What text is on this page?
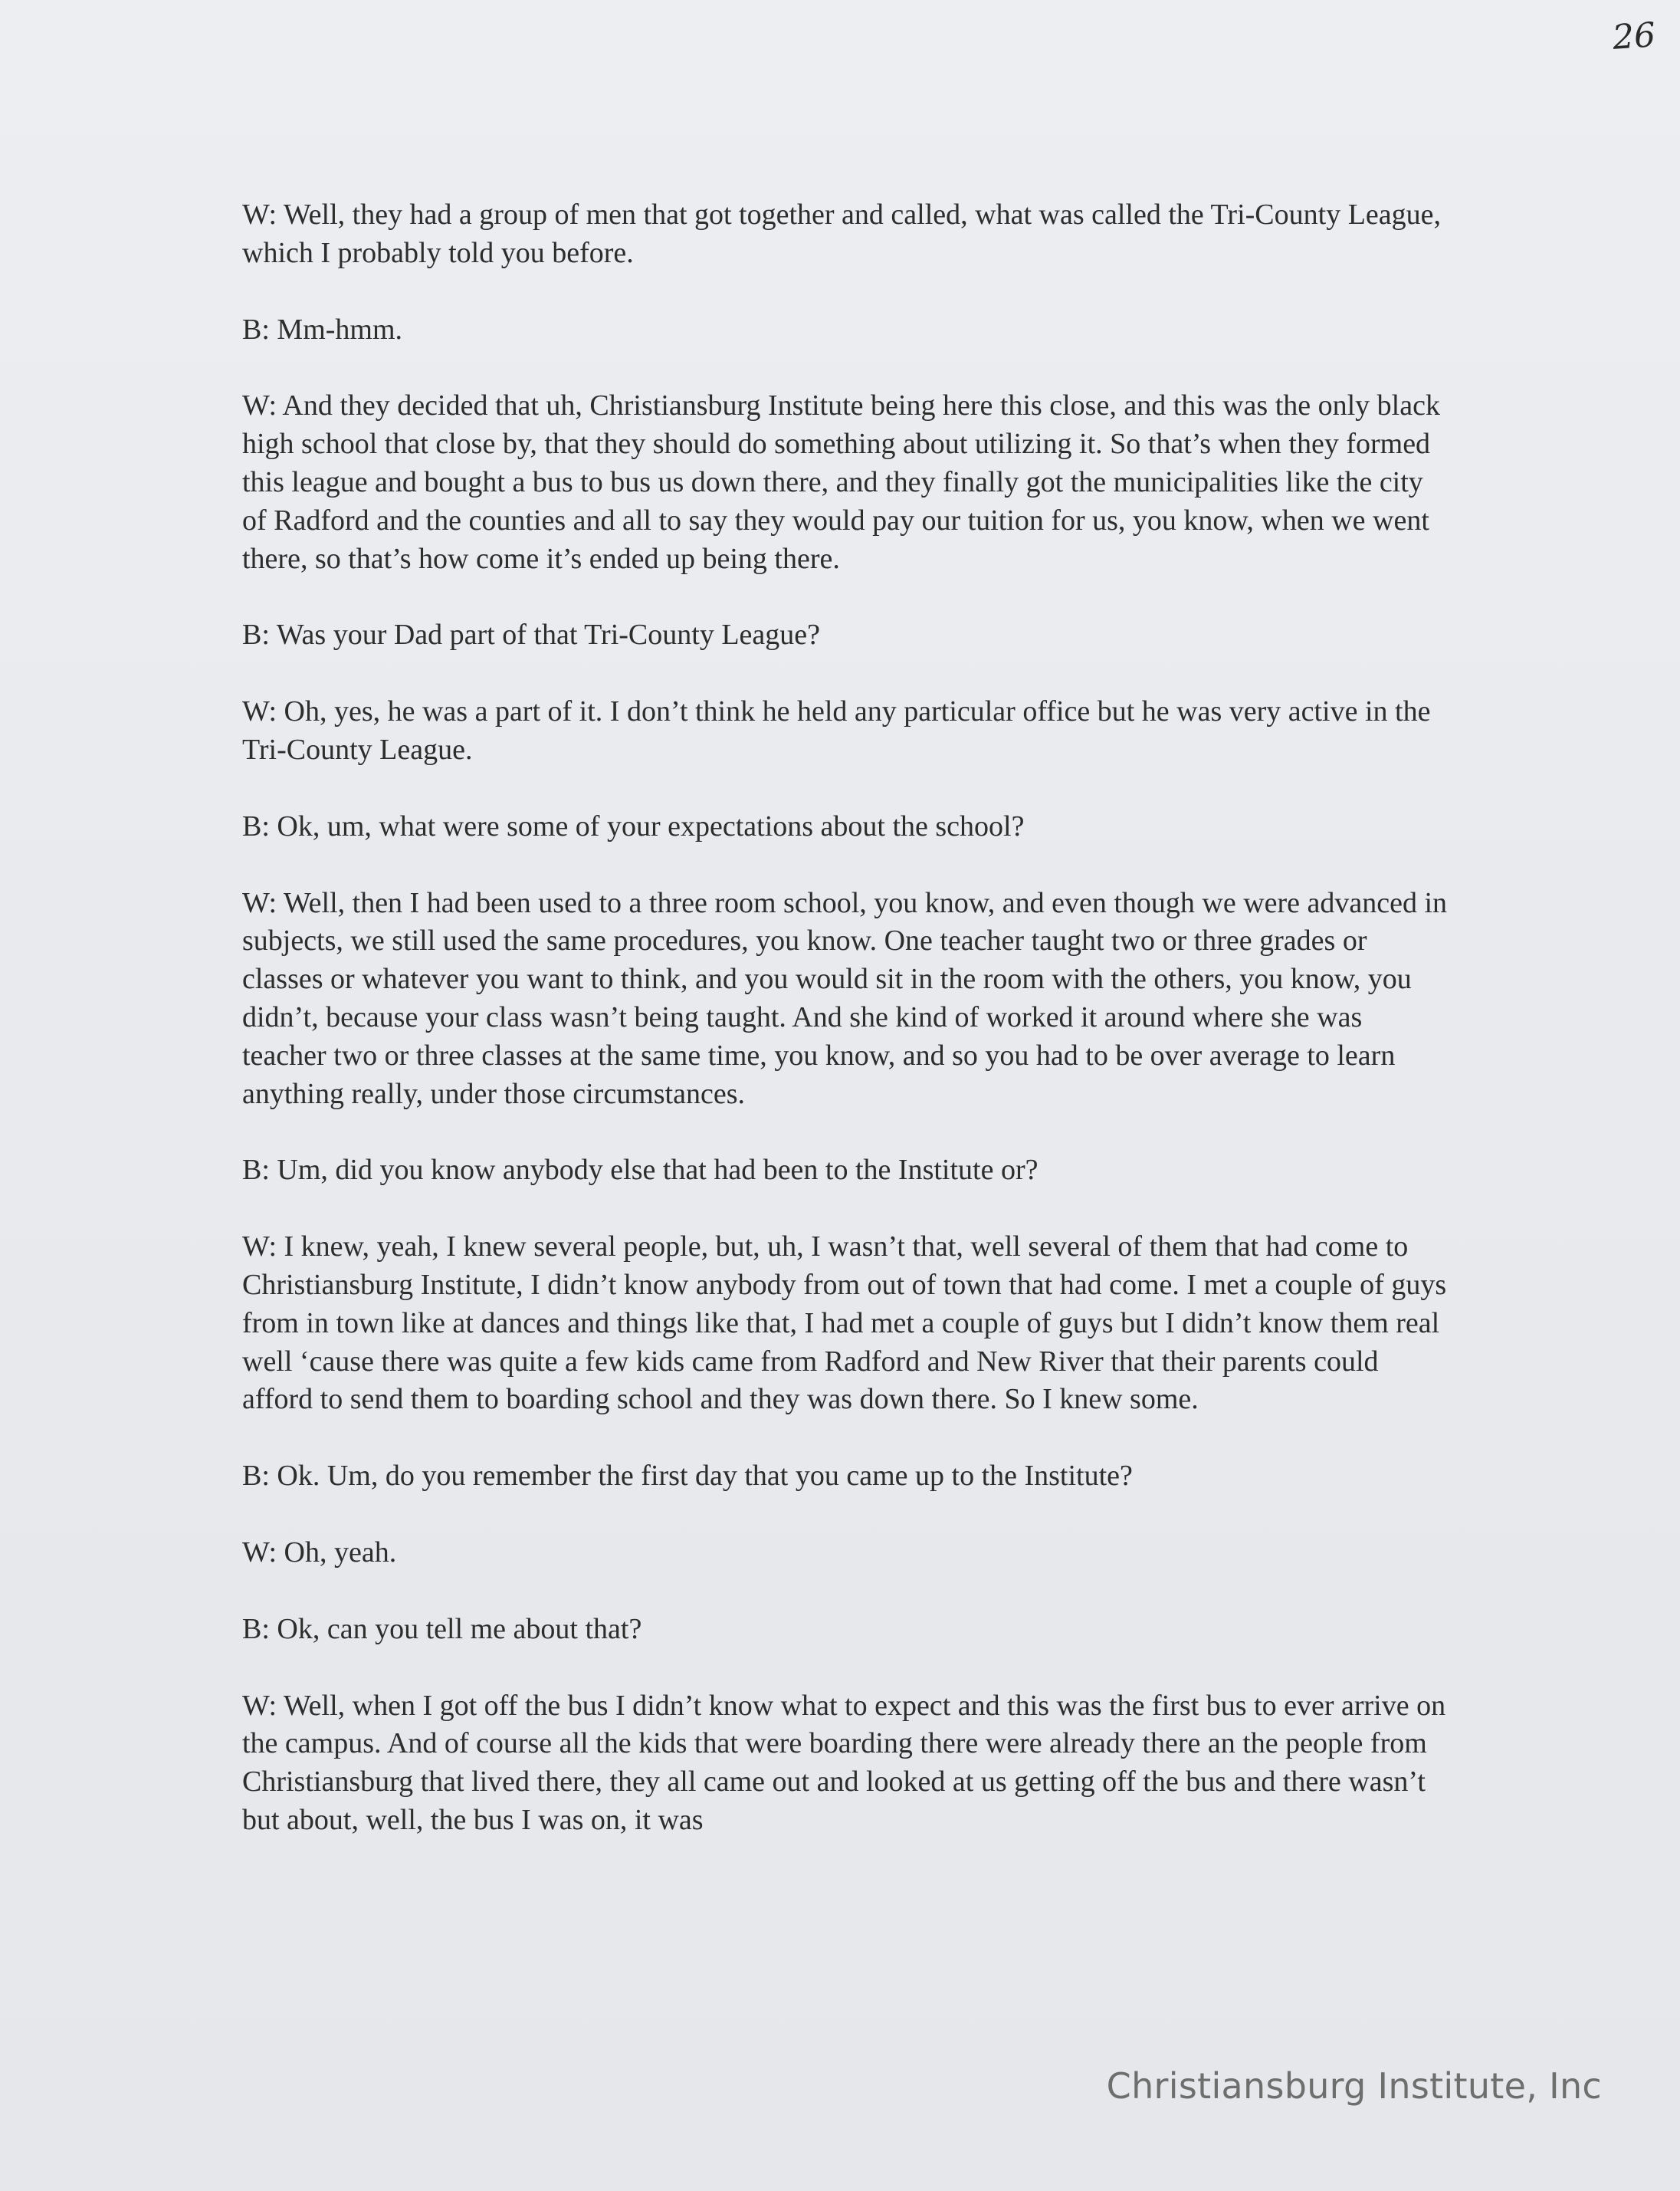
26

W: Well, they had a group of men that got together and called, what was called the Tri-County League, which I probably told you before.

B: Mm-hmm.

W: And they decided that uh, Christiansburg Institute being here this close, and this was the only black high school that close by, that they should do something about utilizing it. So that’s when they formed this league and bought a bus to bus us down there, and they finally got the municipalities like the city of Radford and the counties and all to say they would pay our tuition for us, you know, when we went there, so that’s how come it’s ended up being there.

B: Was your Dad part of that Tri-County League?

W: Oh, yes, he was a part of it. I don’t think he held any particular office but he was very active in the Tri-County League.

B: Ok, um, what were some of your expectations about the school?

W: Well, then I had been used to a three room school, you know, and even though we were advanced in subjects, we still used the same procedures, you know. One teacher taught two or three grades or classes or whatever you want to think, and you would sit in the room with the others, you know, you didn’t, because your class wasn’t being taught. And she kind of worked it around where she was teacher two or three classes at the same time, you know, and so you had to be over average to learn anything really, under those circumstances.

B: Um, did you know anybody else that had been to the Institute or?

W: I knew, yeah, I knew several people, but, uh, I wasn’t that, well several of them that had come to Christiansburg Institute, I didn’t know anybody from out of town that had come. I met a couple of guys from in town like at dances and things like that, I had met a couple of guys but I didn’t know them real well ‘cause there was quite a few kids came from Radford and New River that their parents could afford to send them to boarding school and they was down there. So I knew some.

B: Ok. Um, do you remember the first day that you came up to the Institute?

W: Oh, yeah.

B: Ok, can you tell me about that?

W: Well, when I got off the bus I didn’t know what to expect and this was the first bus to ever arrive on the campus. And of course all the kids that were boarding there were already there an the people from Christiansburg that lived there, they all came out and looked at us getting off the bus and there wasn’t but about, well, the bus I was on, it was

Christiansburg Institute, Inc
